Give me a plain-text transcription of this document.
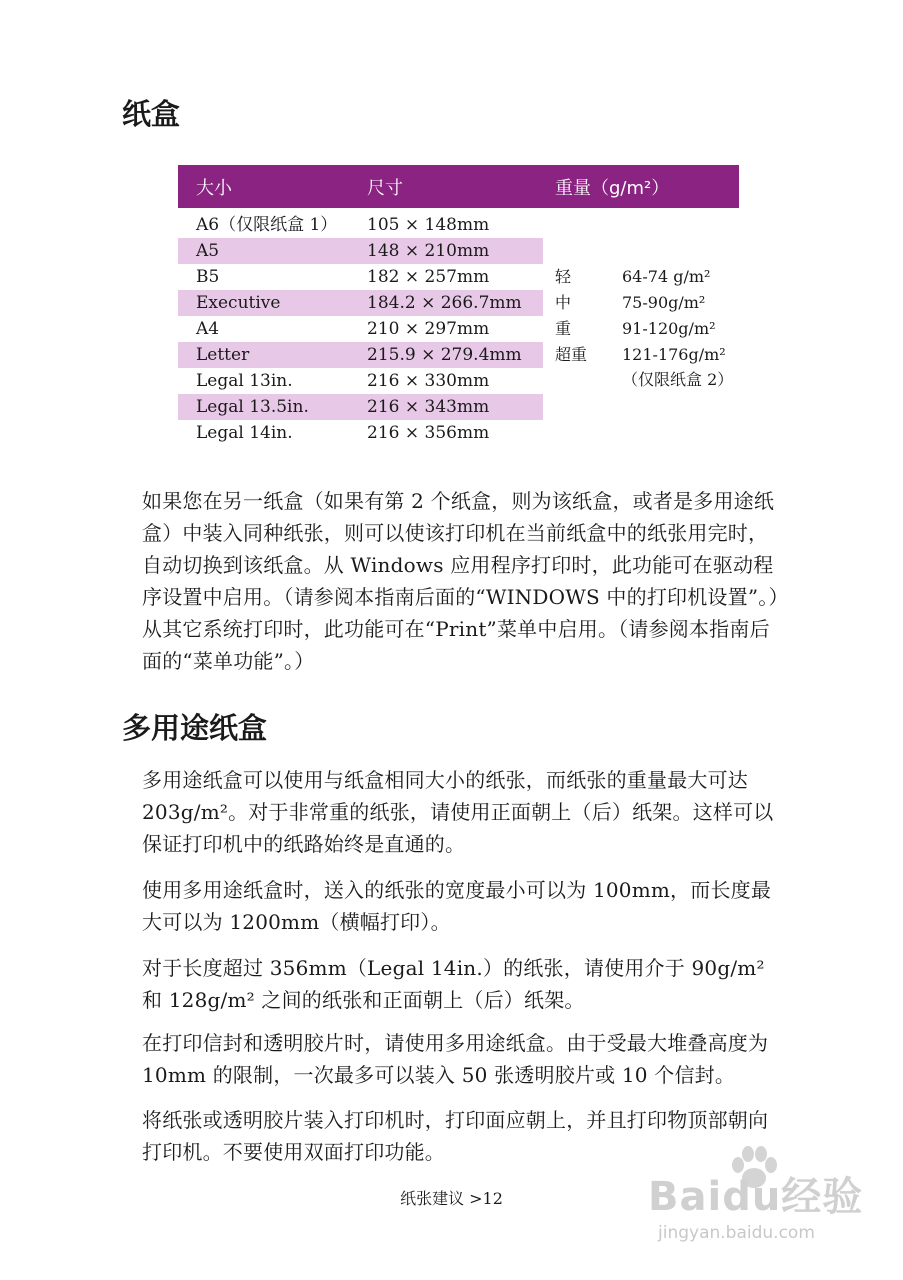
纸盒
大小	尺寸	重量（g/m²）
A6（仅限纸盒 1） 105 × 148mm
A5	148 × 210mm
B5	182 × 257mm
Executive	184.2 × 266.7mm
A4	210 × 297mm
Letter	215.9 × 279.4mm
Legal 13in.	216 × 330mm
Legal 13.5in.	216 × 343mm
Legal 14in.	216 × 356mm
轻	64-74 g/m²
中	75-90g/m²
重	91-120g/m²
超重 121-176g/m²
（仅限纸盒 2）

如果您在另一纸盒（如果有第 2 个纸盒，则为该纸盒，或者是多用途纸盒）中装入同种纸张，则可以使该打印机在当前纸盒中的纸张用完时，自动切换到该纸盒。从 Windows 应用程序打印时，此功能可在驱动程序设置中启用。（请参阅本指南后面的“WINDOWS 中的打印机设置”。）从其它系统打印时，此功能可在“Print”菜单中启用。（请参阅本指南后面的“菜单功能”。）

多用途纸盒

多用途纸盒可以使用与纸盒相同大小的纸张，而纸张的重量最大可达 203g/m²。对于非常重的纸张，请使用正面朝上（后）纸架。这样可以保证打印机中的纸路始终是直通的。

使用多用途纸盒时，送入的纸张的宽度最小可以为 100mm，而长度最大可以为 1200mm（横幅打印）。

对于长度超过 356mm（Legal 14in.）的纸张，请使用介于 90g/m² 和 128g/m² 之间的纸张和正面朝上（后）纸架。

在打印信封和透明胶片时，请使用多用途纸盒。由于受最大堆叠高度为 10mm 的限制，一次最多可以装入 50 张透明胶片或 10 个信封。

将纸张或透明胶片装入打印机时，打印面应朝上，并且打印物顶部朝向打印机。不要使用双面打印功能。

纸张建议 >12	Baidu经验
jingyan.baidu.com
